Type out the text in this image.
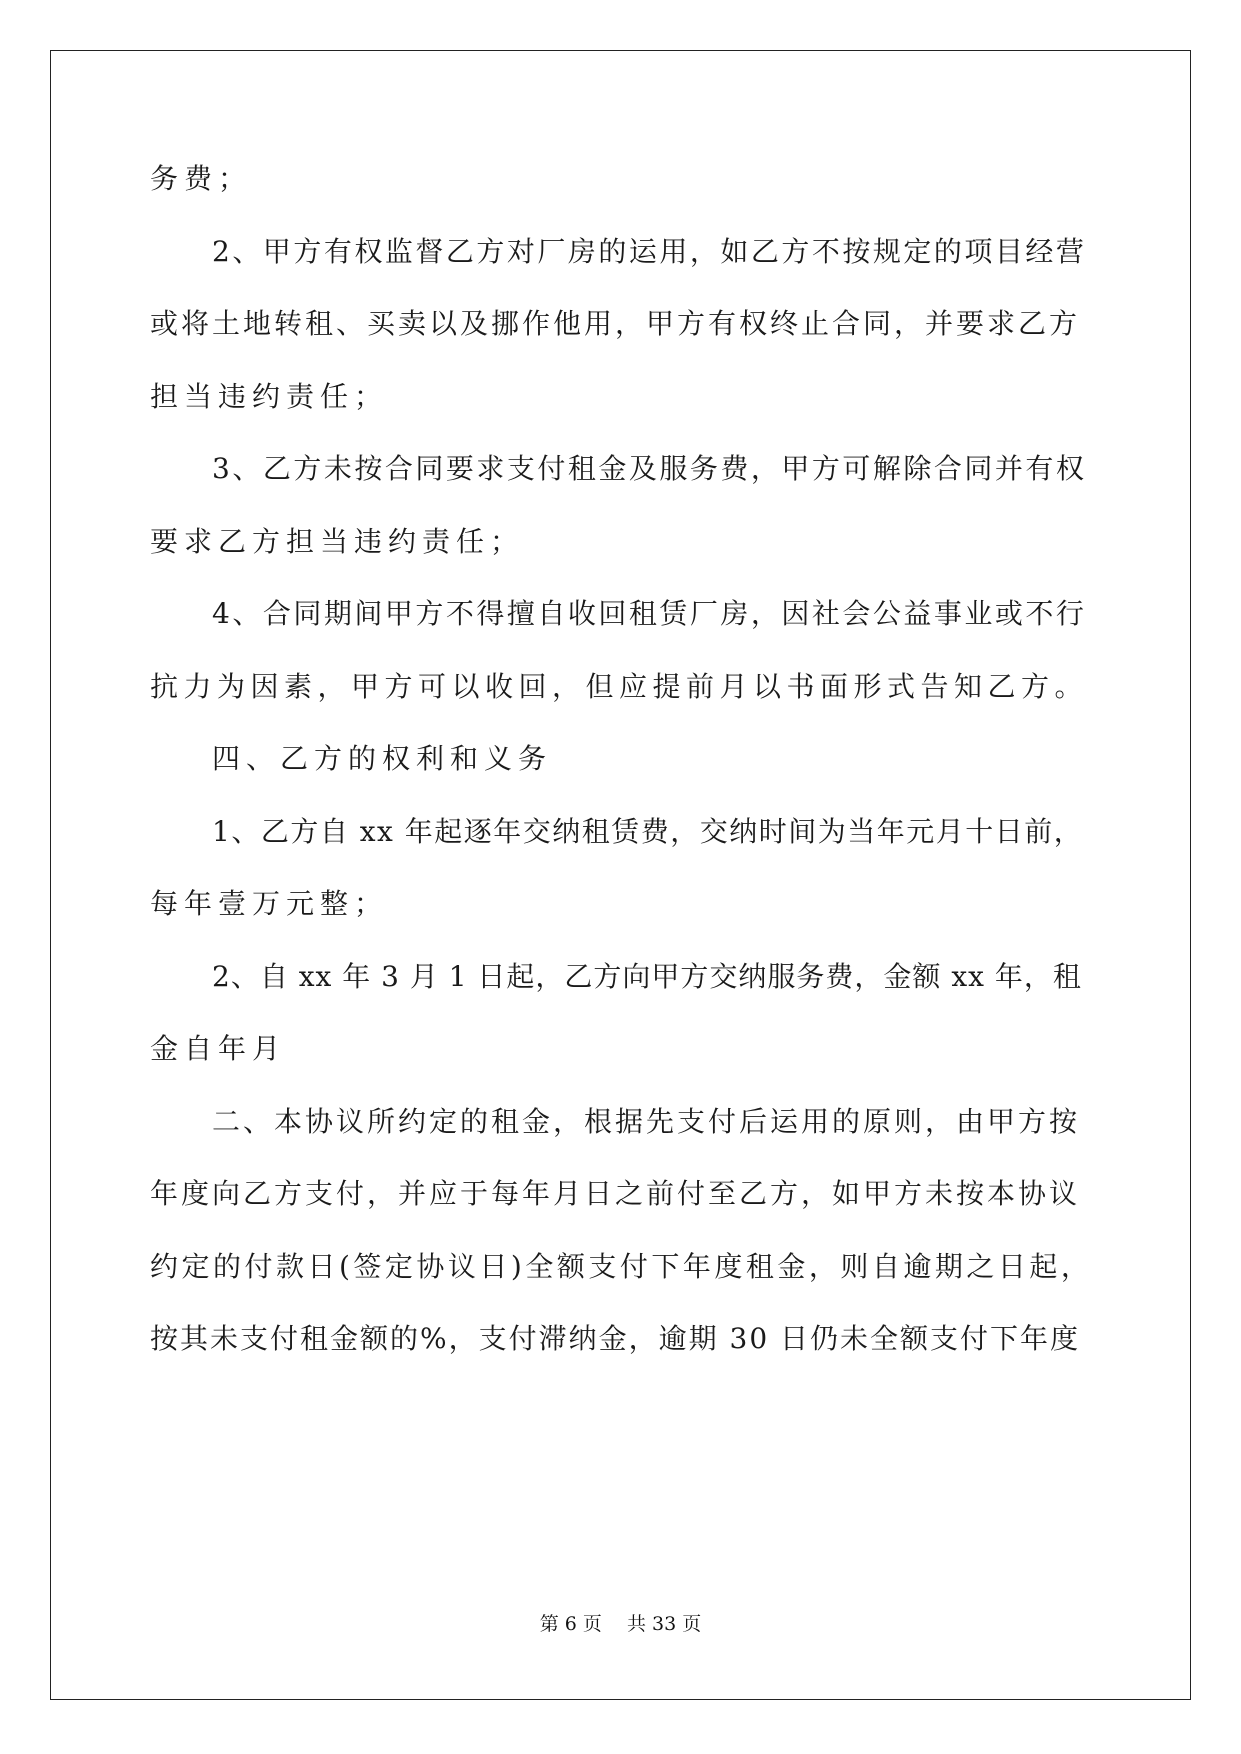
务费；
2、甲方有权监督乙方对厂房的运用，如乙方不按规定的项目经营
或将土地转租、买卖以及挪作他用，甲方有权终止合同，并要求乙方
担当违约责任；
3、乙方未按合同要求支付租金及服务费，甲方可解除合同并有权
要求乙方担当违约责任；
4、合同期间甲方不得擅自收回租赁厂房，因社会公益事业或不行
抗力为因素，甲方可以收回，但应提前月以书面形式告知乙方。
四、乙方的权利和义务
1、乙方自 xx 年起逐年交纳租赁费，交纳时间为当年元月十日前，
每年壹万元整；
2、自 xx 年 3 月 1 日起，乙方向甲方交纳服务费，金额 xx 年，租
金自年月
二、本协议所约定的租金，根据先支付后运用的原则，由甲方按
年度向乙方支付，并应于每年月日之前付至乙方，如甲方未按本协议
约定的付款日(签定协议日)全额支付下年度租金，则自逾期之日起，
按其未支付租金额的%，支付滞纳金，逾期 30 日仍未全额支付下年度
第 6 页　 共 33 页
